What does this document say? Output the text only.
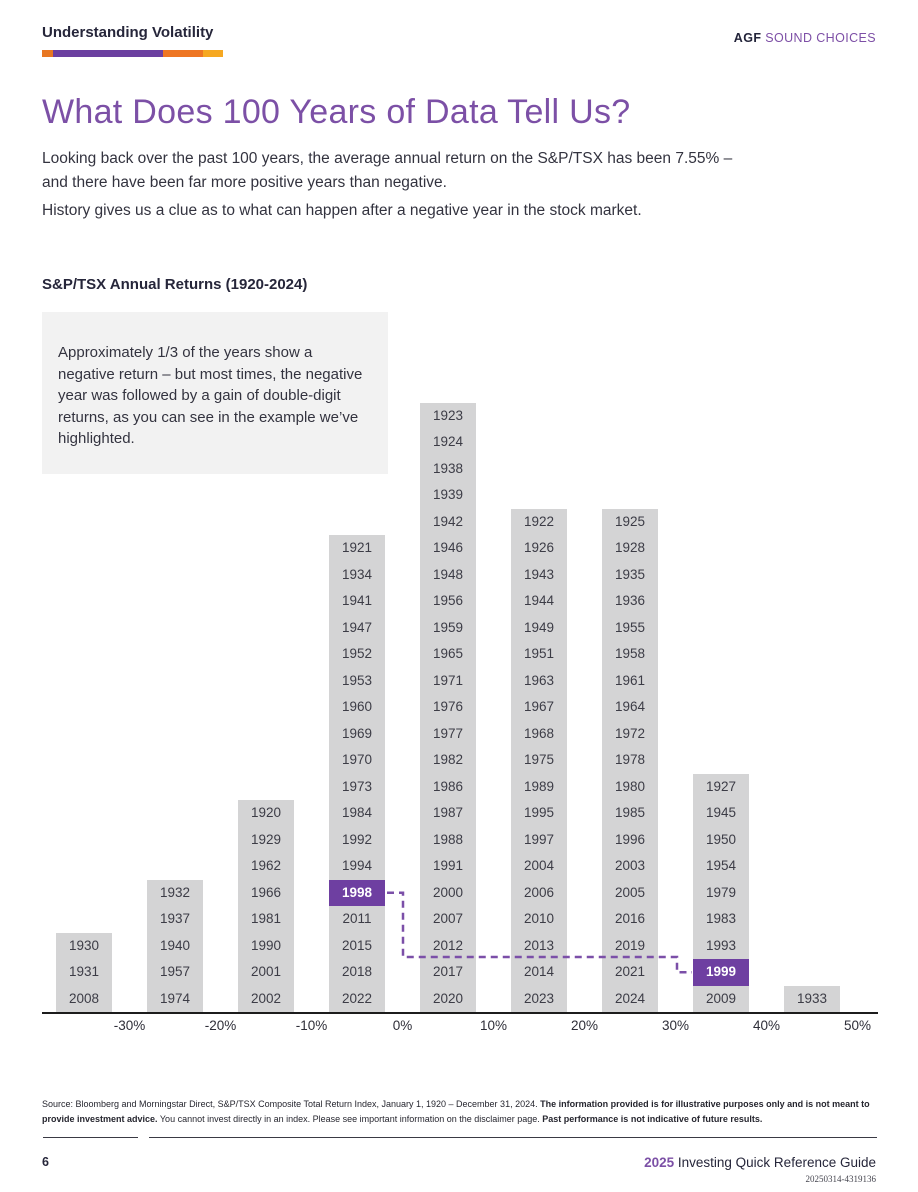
Understanding Volatility	AGF SOUND CHOICES
What Does 100 Years of Data Tell Us?
Looking back over the past 100 years, the average annual return on the S&P/TSX has been 7.55% – and there have been far more positive years than negative.
History gives us a clue as to what can happen after a negative year in the stock market.
S&P/TSX Annual Returns (1920-2024)
Approximately 1/3 of the years show a negative return – but most times, the negative year was followed by a gain of double-digit returns, as you can see in the example we’ve highlighted.
1930
1931
2008
1932
1937
1940
1957
1974
1920
1929
1962
1966
1981
1990
2001
2002
1921
1934
1941
1947
1952
1953
1960
1969
1970
1973
1984
1992
1994
1998
2011
2015
2018
2022
1923
1924
1938
1939
1942
1946
1948
1956
1959
1965
1971
1976
1977
1982
1986
1987
1988
1991
2000
2007
2012
2017
2020
1922
1926
1943
1944
1949
1951
1963
1967
1968
1975
1989
1995
1997
2004
2006
2010
2013
2014
2023
1925
1928
1935
1936
1955
1958
1961
1964
1972
1978
1980
1985
1996
2003
2005
2016
2019
2021
2024
1927
1945
1950
1954
1979
1983
1993
1999
2009	1933
-30%	-20%	-10%	0%	10%	20%	30%	40%	50%
Source: Bloomberg and Morningstar Direct, S&P/TSX Composite Total Return Index, January 1, 1920 – December 31, 2024. The information provided is for illustrative purposes only and is not meant to provide investment advice. You cannot invest directly in an index. Please see important information on the disclaimer page. Past performance is not indicative of future results.
6	2025 Investing Quick Reference Guide
20250314-4319136
